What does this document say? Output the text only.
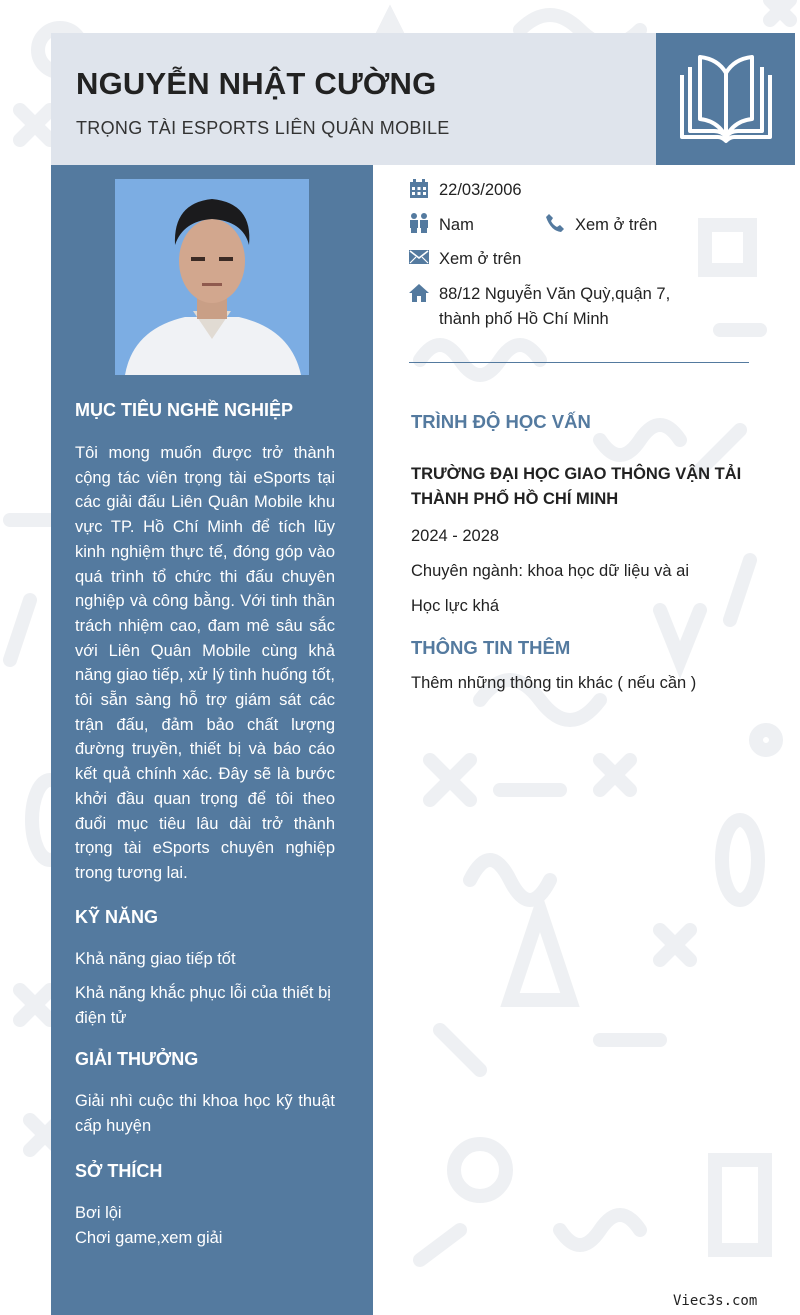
NGUYỄN NHẬT CƯỜNG

TRỌNG TÀI ESPORTS LIÊN QUÂN MOBILE

MỤC TIÊU NGHỀ NGHIỆP

Tôi mong muốn được trở thành cộng tác viên trọng tài eSports tại các giải đấu Liên Quân Mobile khu vực TP. Hồ Chí Minh để tích lũy kinh nghiệm thực tế, đóng góp vào quá trình tổ chức thi đấu chuyên nghiệp và công bằng. Với tinh thần trách nhiệm cao, đam mê sâu sắc với Liên Quân Mobile cùng khả năng giao tiếp, xử lý tình huống tốt, tôi sẵn sàng hỗ trợ giám sát các trận đấu, đảm bảo chất lượng đường truyền, thiết bị và báo cáo kết quả chính xác. Đây sẽ là bước khởi đầu quan trọng để tôi theo đuổi mục tiêu lâu dài trở thành trọng tài eSports chuyên nghiệp trong tương lai.

KỸ NĂNG

Khả năng giao tiếp tốt

Khả năng khắc phục lỗi của thiết bị điện tử

GIẢI THƯỞNG

Giải nhì cuộc thi khoa học kỹ thuật cấp huyện

SỞ THÍCH

Bơi lội

Chơi game,xem giải

22/03/2006
Nam	Xem ở trên
Xem ở trên
88/12 Nguyễn Văn Quỳ,quận 7,
thành phố Hồ Chí Minh
TRÌNH ĐỘ HỌC VẤN

TRƯỜNG ĐẠI HỌC GIAO THÔNG VẬN TẢI THÀNH PHỐ HỒ CHÍ MINH

2024 - 2028

Chuyên ngành: khoa học dữ liệu và ai

Học lực khá

THÔNG TIN THÊM

Thêm những thông tin khác ( nếu cần )

Viec3s.com
